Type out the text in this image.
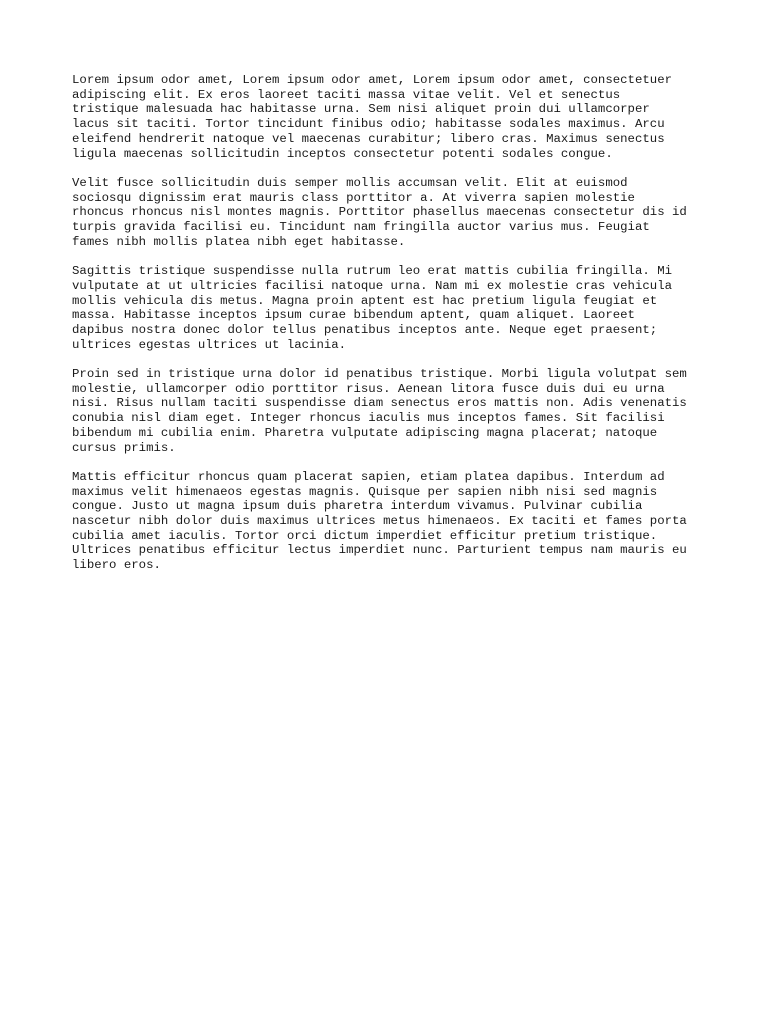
Lorem ipsum odor amet, Lorem ipsum odor amet, Lorem ipsum odor amet, consectetuer
adipiscing elit. Ex eros laoreet taciti massa vitae velit. Vel et senectus
tristique malesuada hac habitasse urna. Sem nisi aliquet proin dui ullamcorper
lacus sit taciti. Tortor tincidunt finibus odio; habitasse sodales maximus. Arcu
eleifend hendrerit natoque vel maecenas curabitur; libero cras. Maximus senectus
ligula maecenas sollicitudin inceptos consectetur potenti sodales congue.

Velit fusce sollicitudin duis semper mollis accumsan velit. Elit at euismod
sociosqu dignissim erat mauris class porttitor a. At viverra sapien molestie
rhoncus rhoncus nisl montes magnis. Porttitor phasellus maecenas consectetur dis id
turpis gravida facilisi eu. Tincidunt nam fringilla auctor varius mus. Feugiat
fames nibh mollis platea nibh eget habitasse.

Sagittis tristique suspendisse nulla rutrum leo erat mattis cubilia fringilla. Mi
vulputate at ut ultricies facilisi natoque urna. Nam mi ex molestie cras vehicula
mollis vehicula dis metus. Magna proin aptent est hac pretium ligula feugiat et
massa. Habitasse inceptos ipsum curae bibendum aptent, quam aliquet. Laoreet
dapibus nostra donec dolor tellus penatibus inceptos ante. Neque eget praesent;
ultrices egestas ultrices ut lacinia.

Proin sed in tristique urna dolor id penatibus tristique. Morbi ligula volutpat sem
molestie, ullamcorper odio porttitor risus. Aenean litora fusce duis dui eu urna
nisi. Risus nullam taciti suspendisse diam senectus eros mattis non. Adis venenatis
conubia nisl diam eget. Integer rhoncus iaculis mus inceptos fames. Sit facilisi
bibendum mi cubilia enim. Pharetra vulputate adipiscing magna placerat; natoque
cursus primis.

Mattis efficitur rhoncus quam placerat sapien, etiam platea dapibus. Interdum ad
maximus velit himenaeos egestas magnis. Quisque per sapien nibh nisi sed magnis
congue. Justo ut magna ipsum duis pharetra interdum vivamus. Pulvinar cubilia
nascetur nibh dolor duis maximus ultrices metus himenaeos. Ex taciti et fames porta
cubilia amet iaculis. Tortor orci dictum imperdiet efficitur pretium tristique.
Ultrices penatibus efficitur lectus imperdiet nunc. Parturient tempus nam mauris eu
libero eros.
